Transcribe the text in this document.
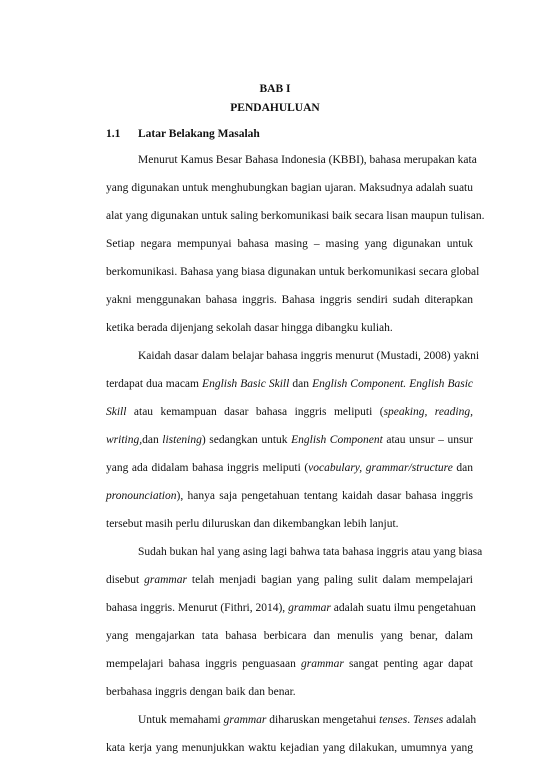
BAB I
PENDAHULUAN
1.1 Latar Belakang Masalah
Menurut Kamus Besar Bahasa Indonesia (KBBI), bahasa merupakan kata
yang digunakan untuk menghubungkan bagian ujaran. Maksudnya adalah suatu
alat yang digunakan untuk saling berkomunikasi baik secara lisan maupun tulisan.
Setiap negara mempunyai bahasa masing – masing yang digunakan untuk
berkomunikasi. Bahasa yang biasa digunakan untuk berkomunikasi secara global
yakni menggunakan bahasa inggris. Bahasa inggris sendiri sudah diterapkan
ketika berada dijenjang sekolah dasar hingga dibangku kuliah.
Kaidah dasar dalam belajar bahasa inggris menurut (Mustadi, 2008) yakni
terdapat dua macam English Basic Skill dan English Component. English Basic
Skill atau kemampuan dasar bahasa inggris meliputi (speaking, reading,
writing,dan listening) sedangkan untuk English Component atau unsur – unsur
yang ada didalam bahasa inggris meliputi (vocabulary, grammar/structure dan
pronounciation), hanya saja pengetahuan tentang kaidah dasar bahasa inggris
tersebut masih perlu diluruskan dan dikembangkan lebih lanjut.
Sudah bukan hal yang asing lagi bahwa tata bahasa inggris atau yang biasa
disebut grammar telah menjadi bagian yang paling sulit dalam mempelajari
bahasa inggris. Menurut (Fithri, 2014), grammar adalah suatu ilmu pengetahuan
yang mengajarkan tata bahasa berbicara dan menulis yang benar, dalam
mempelajari bahasa inggris penguasaan grammar sangat penting agar dapat
berbahasa inggris dengan baik dan benar.
Untuk memahami grammar diharuskan mengetahui tenses. Tenses adalah
kata kerja yang menunjukkan waktu kejadian yang dilakukan, umumnya yang
